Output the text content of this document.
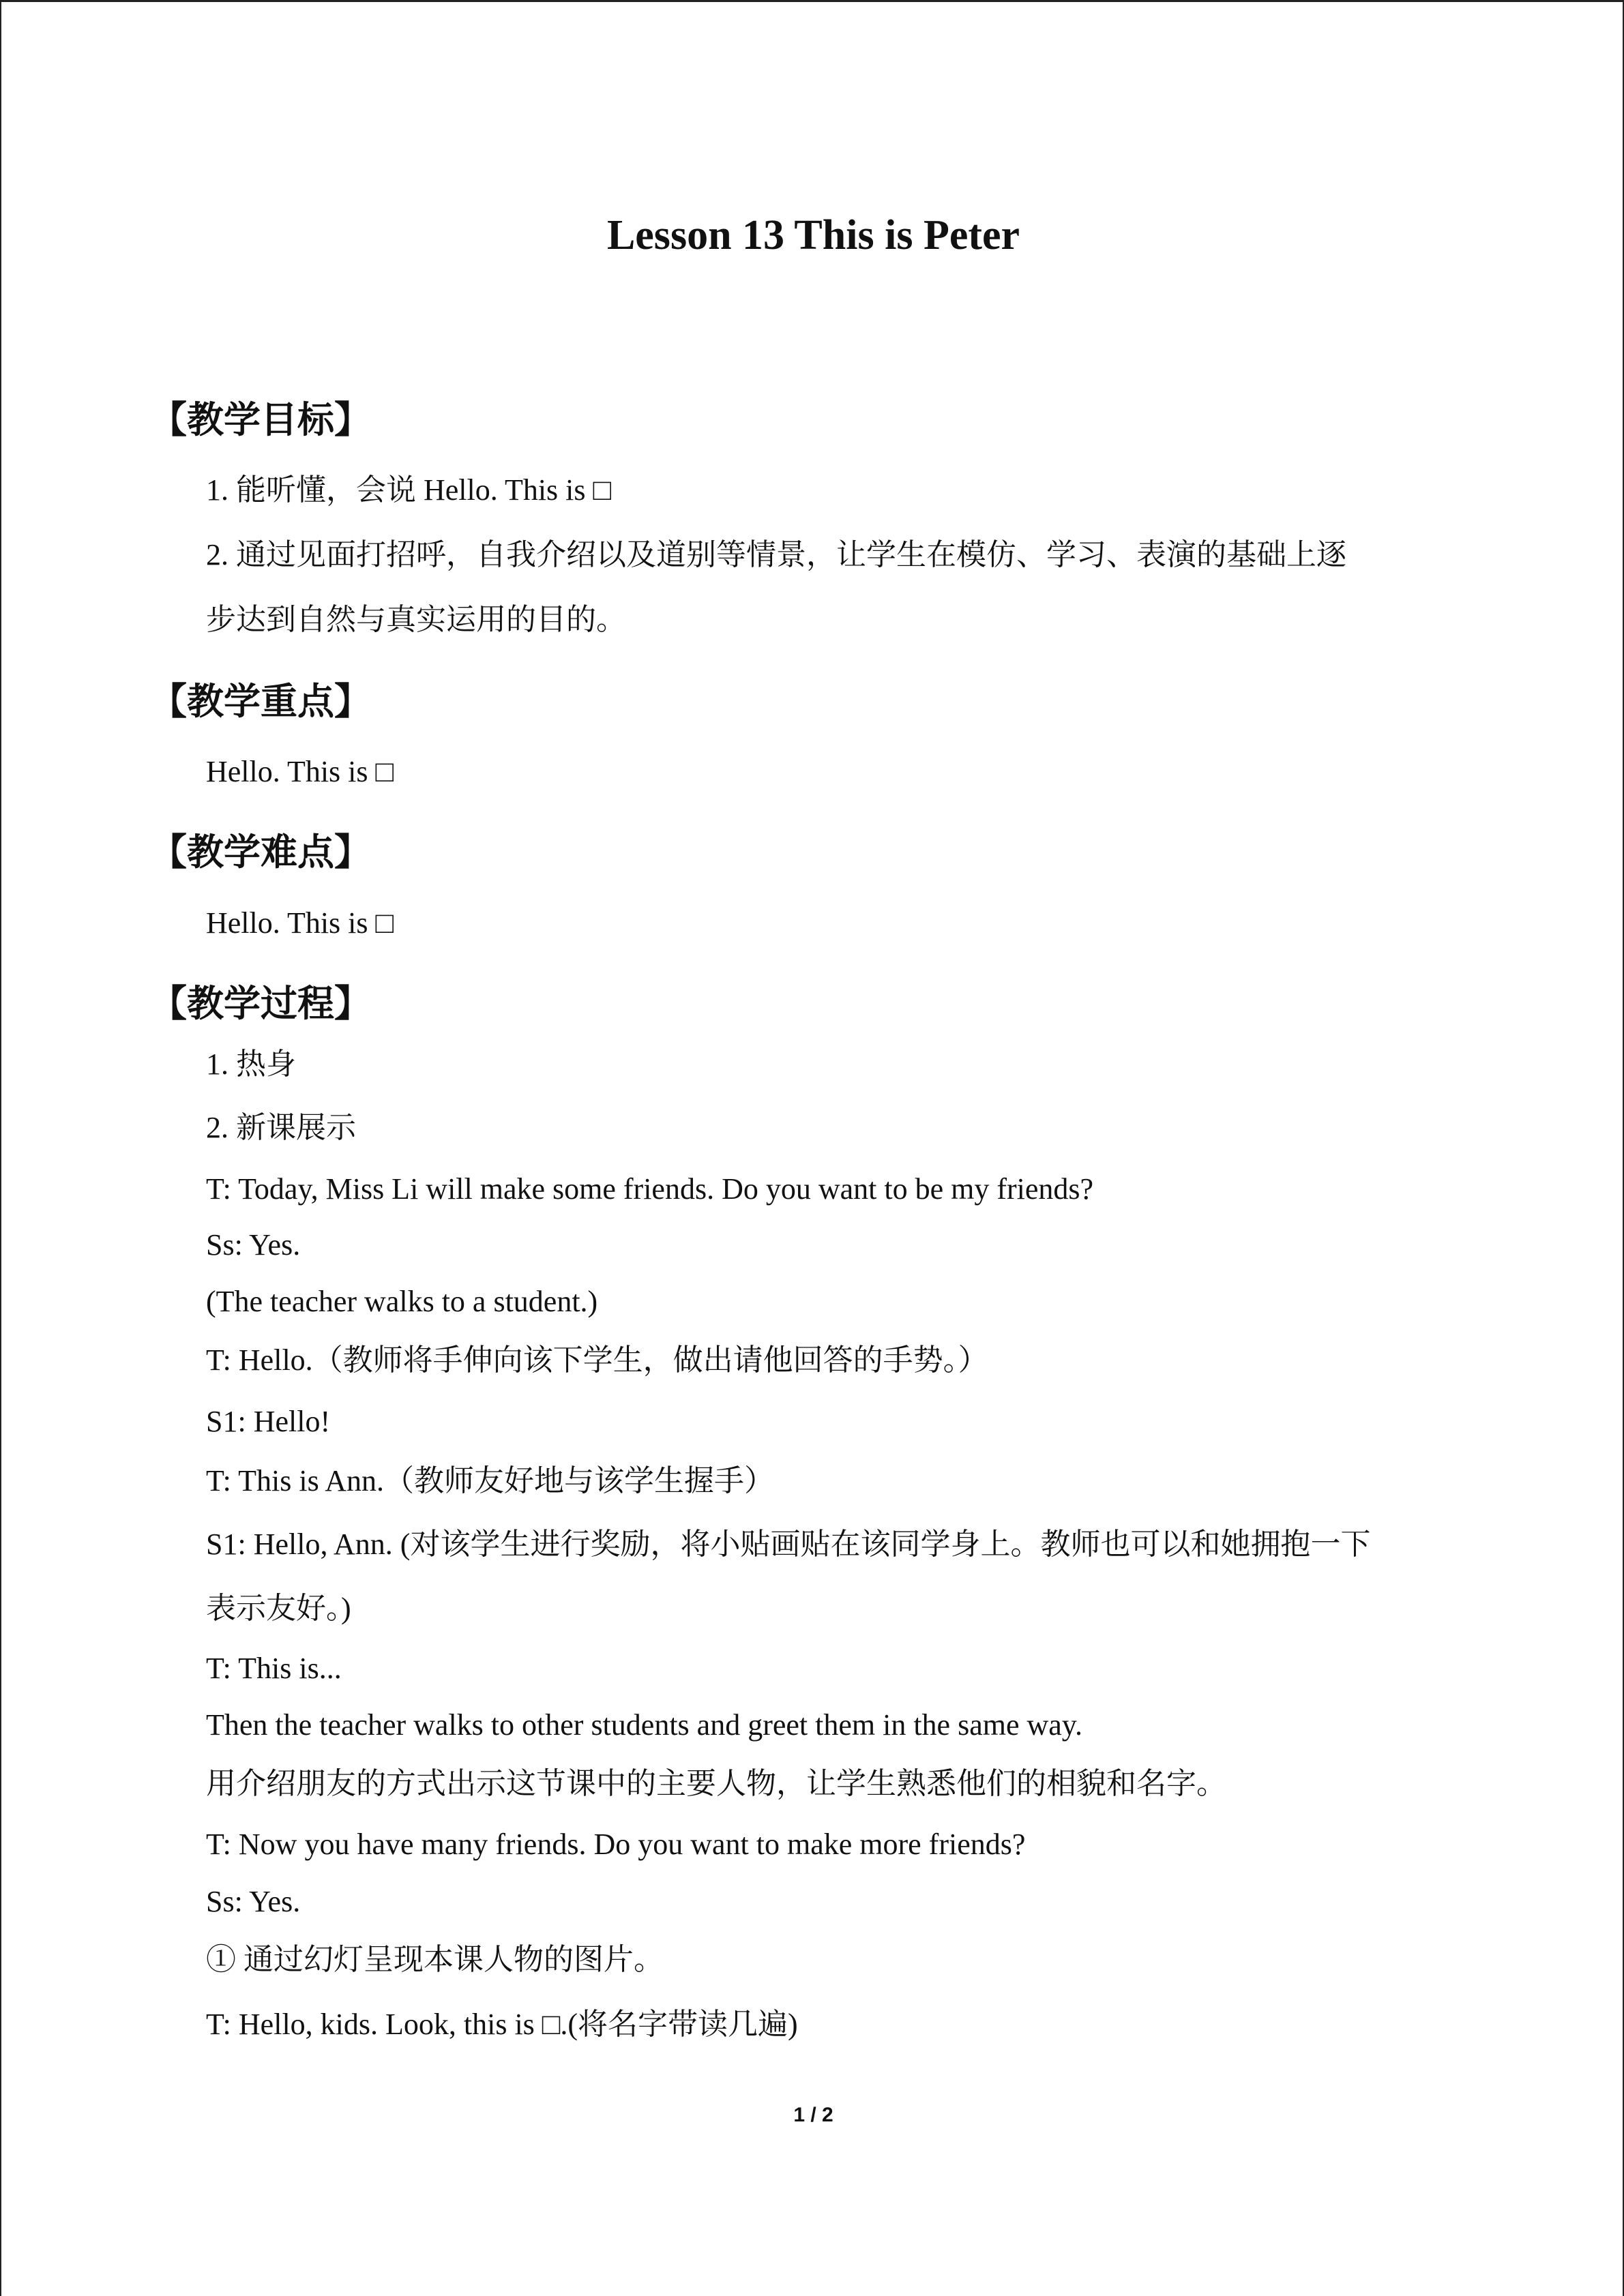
Lesson 13 This is Peter
【教学目标】
1. 能听懂，会说 Hello. This is □
2. 通过见面打招呼，自我介绍以及道别等情景，让学生在模仿、学习、表演的基础上逐
步达到自然与真实运用的目的。
【教学重点】
Hello. This is □
【教学难点】
Hello. This is □
【教学过程】
1. 热身
2. 新课展示
T: Today, Miss Li will make some friends. Do you want to be my friends?
Ss: Yes.
(The teacher walks to a student.)
T: Hello.（教师将手伸向该下学生，做出请他回答的手势。）
S1: Hello!
T: This is Ann.（教师友好地与该学生握手）
S1: Hello, Ann. (对该学生进行奖励，将小贴画贴在该同学身上。教师也可以和她拥抱一下
表示友好。)
T: This is...
Then the teacher walks to other students and greet them in the same way.
用介绍朋友的方式出示这节课中的主要人物，让学生熟悉他们的相貌和名字。
T: Now you have many friends. Do you want to make more friends?
Ss: Yes.
① 通过幻灯呈现本课人物的图片。
T: Hello, kids. Look, this is □.(将名字带读几遍)
1 / 2
